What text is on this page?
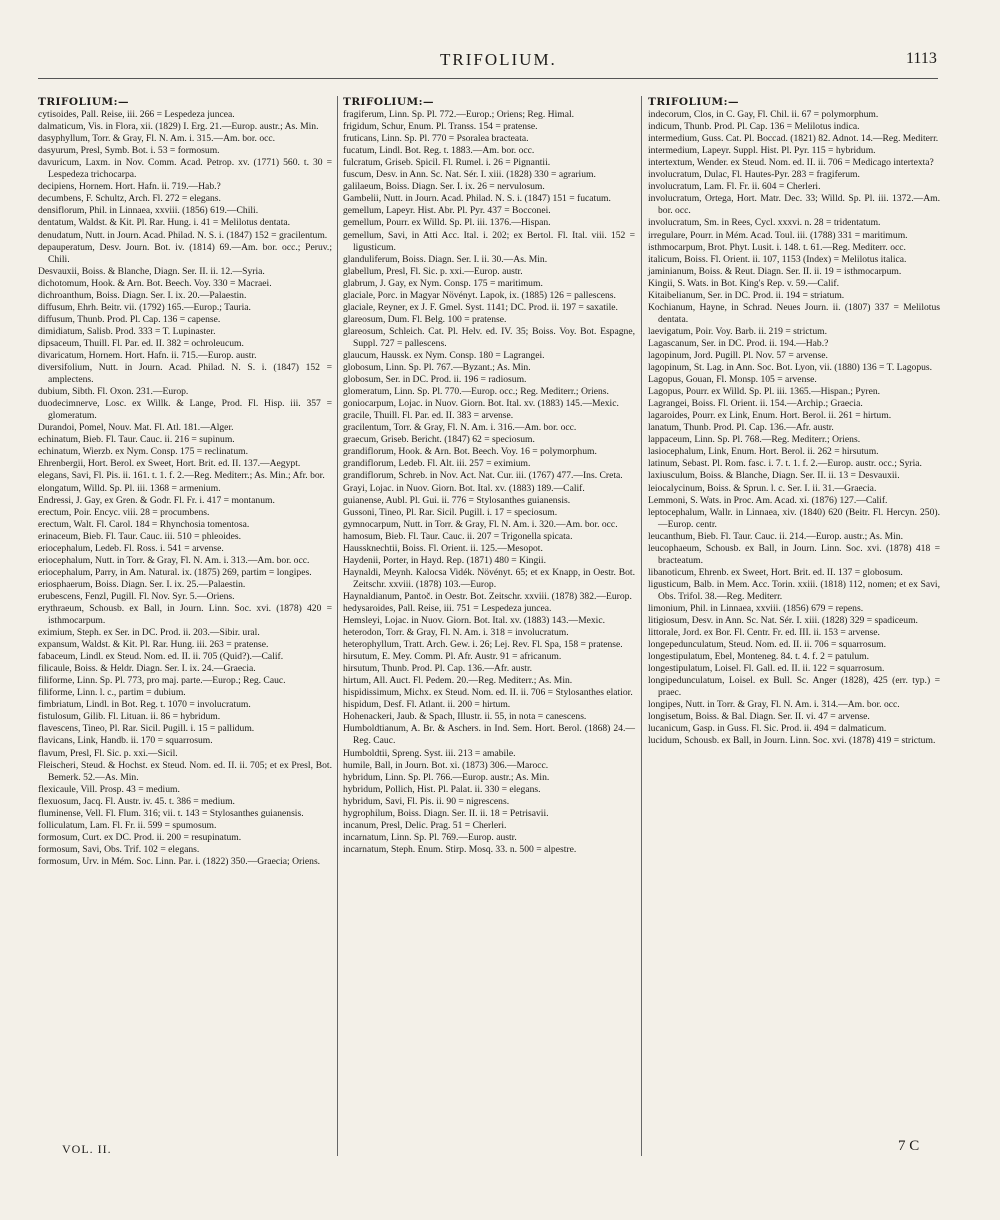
TRIFOLIUM.	1113
TRIFOLIUM:—
cytisoides, Pall. Reise, iii. 266 = Lespedeza juncea.
dalmaticum, Vis. in Flora, xii. (1829) I. Erg. 21.—Europ. austr.; As. Min.
dasyphyllum, Torr. & Gray, Fl. N. Am. i. 315.—Am. bor. occ.
dasyurum, Presl, Symb. Bot. i. 53 = formosum.
davuricum, Laxm. in Nov. Comm. Acad. Petrop. xv. (1771) 560. t. 30 = Lespedeza trichocarpa.
decipiens, Hornem. Hort. Hafn. ii. 719.—Hab.?
decumbens, F. Schultz, Arch. Fl. 272 = elegans.
densiflorum, Phil. in Linnaea, xxviii. (1856) 619.—Chili.
dentatum, Waldst. & Kit. Pl. Rar. Hung. i. 41 = Melilotus dentata.
denudatum, Nutt. in Journ. Acad. Philad. N. S. i. (1847) 152 = gracilentum.
depauperatum, Desv. Journ. Bot. iv. (1814) 69.—Am. bor. occ.; Peruv.; Chili.
Desvauxii, Boiss. & Blanche, Diagn. Ser. II. ii. 12.—Syria.
dichotomum, Hook. & Arn. Bot. Beech. Voy. 330 = Macraei.
dichroanthum, Boiss. Diagn. Ser. I. ix. 20.—Palaestin.
diffusum, Ehrh. Beitr. vii. (1792) 165.—Europ.; Tauria.
diffusum, Thunb. Prod. Pl. Cap. 136 = capense.
dimidiatum, Salisb. Prod. 333 = T. Lupinaster.
dipsaceum, Thuill. Fl. Par. ed. II. 382 = ochroleucum.
divaricatum, Hornem. Hort. Hafn. ii. 715.—Europ. austr.
diversifolium, Nutt. in Journ. Acad. Philad. N. S. i. (1847) 152 = amplectens.
dubium, Sibth. Fl. Oxon. 231.—Europ.
duodecimnerve, Losc. ex Willk. & Lange, Prod. Fl. Hisp. iii. 357 = glomeratum.
Durandoi, Pomel, Nouv. Mat. Fl. Atl. 181.—Alger.
echinatum, Bieb. Fl. Taur. Cauc. ii. 216 = supinum.
echinatum, Wierzb. ex Nym. Consp. 175 = reclinatum.
Ehrenbergii, Hort. Berol. ex Sweet, Hort. Brit. ed. II. 137.—Aegypt.
elegans, Savi, Fl. Pis. ii. 161. t. 1. f. 2.—Reg. Mediterr.; As. Min.; Afr. bor.
elongatum, Willd. Sp. Pl. iii. 1368 = armenium.
Endressi, J. Gay, ex Gren. & Godr. Fl. Fr. i. 417 = montanum.
erectum, Poir. Encyc. viii. 28 = procumbens.
erectum, Walt. Fl. Carol. 184 = Rhynchosia tomentosa.
erinaceum, Bieb. Fl. Taur. Cauc. iii. 510 = phleoides.
eriocephalum, Ledeb. Fl. Ross. i. 541 = arvense.
eriocephalum, Nutt. in Torr. & Gray, Fl. N. Am. i. 313.—Am. bor. occ.
eriocephalum, Parry, in Am. Natural. ix. (1875) 269, partim = longipes.
eriosphaerum, Boiss. Diagn. Ser. I. ix. 25.—Palaestin.
erubescens, Fenzl, Pugill. Fl. Nov. Syr. 5.—Oriens.
erythraeum, Schousb. ex Ball, in Journ. Linn. Soc. xvi. (1878) 420 = isthmocarpum.
eximium, Steph. ex Ser. in DC. Prod. ii. 203.—Sibir. ural.
expansum, Waldst. & Kit. Pl. Rar. Hung. iii. 263 = pratense.
fabaceum, Lindl. ex Steud. Nom. ed. II. ii. 705 (Quid?).—Calif.
filicaule, Boiss. & Heldr. Diagn. Ser. I. ix. 24.—Graecia.
filiforme, Linn. Sp. Pl. 773, pro maj. parte.—Europ.; Reg. Cauc.
filiforme, Linn. l. c., partim = dubium.
fimbriatum, Lindl. in Bot. Reg. t. 1070 = involucratum.
fistulosum, Gilib. Fl. Lituan. ii. 86 = hybridum.
flavescens, Tineo, Pl. Rar. Sicil. Pugill. i. 15 = pallidum.
flavicans, Link, Handb. ii. 170 = squarrosum.
flavum, Presl, Fl. Sic. p. xxi.—Sicil.
Fleischeri, Steud. & Hochst. ex Steud. Nom. ed. II. ii. 705; et ex Presl, Bot. Bemerk. 52.—As. Min.
flexicaule, Vill. Prosp. 43 = medium.
flexuosum, Jacq. Fl. Austr. iv. 45. t. 386 = medium.
fluminense, Vell. Fl. Flum. 316; vii. t. 143 = Stylosanthes guianensis.
folliculatum, Lam. Fl. Fr. ii. 599 = spumosum.
formosum, Curt. ex DC. Prod. ii. 200 = resupinatum.
formosum, Savi, Obs. Trif. 102 = elegans.
formosum, Urv. in Mém. Soc. Linn. Par. i. (1822) 350.—Graecia; Oriens.
TRIFOLIUM:—
fragiferum, Linn. Sp. Pl. 772.—Europ.; Oriens; Reg. Himal.
frigidum, Schur, Enum. Pl. Transs. 154 = pratense.
fruticans, Linn. Sp. Pl. 770 = Psoralea bracteata.
fucatum, Lindl. Bot. Reg. t. 1883.—Am. bor. occ.
fulcratum, Griseb. Spicil. Fl. Rumel. i. 26 = Pignantii.
fuscum, Desv. in Ann. Sc. Nat. Sér. I. xiii. (1828) 330 = agrarium.
galilaeum, Boiss. Diagn. Ser. I. ix. 26 = nervulosum.
Gambelii, Nutt. in Journ. Acad. Philad. N. S. i. (1847) 151 = fucatum.
gemellum, Lapeyr. Hist. Abr. Pl. Pyr. 437 = Bocconei.
gemellum, Pourr. ex Willd. Sp. Pl. iii. 1376.—Hispan.
gemellum, Savi, in Atti Acc. Ital. i. 202; ex Bertol. Fl. Ital. viii. 152 = ligusticum.
glanduliferum, Boiss. Diagn. Ser. I. ii. 30.—As. Min.
glabellum, Presl, Fl. Sic. p. xxi.—Europ. austr.
glabrum, J. Gay, ex Nym. Consp. 175 = maritimum.
glaciale, Porc. in Magyar Növényt. Lapok, ix. (1885) 126 = pallescens.
glaciale, Reyner, ex J. F. Gmel. Syst. 1141; DC. Prod. ii. 197 = saxatile.
glareosum, Dum. Fl. Belg. 100 = pratense.
glareosum, Schleich. Cat. Pl. Helv. ed. IV. 35; Boiss. Voy. Bot. Espagne, Suppl. 727 = pallescens.
glaucum, Haussk. ex Nym. Consp. 180 = Lagrangei.
globosum, Linn. Sp. Pl. 767.—Byzant.; As. Min.
globosum, Ser. in DC. Prod. ii. 196 = radiosum.
glomeratum, Linn. Sp. Pl. 770.—Europ. occ.; Reg. Mediterr.; Oriens.
goniocarpum, Lojac. in Nuov. Giorn. Bot. Ital. xv. (1883) 145.—Mexic.
gracile, Thuill. Fl. Par. ed. II. 383 = arvense.
gracilentum, Torr. & Gray, Fl. N. Am. i. 316.—Am. bor. occ.
graecum, Griseb. Bericht. (1847) 62 = speciosum.
grandiflorum, Hook. & Arn. Bot. Beech. Voy. 16 = polymorphum.
grandiflorum, Ledeb. Fl. Alt. iii. 257 = eximium.
grandiflorum, Schreb. in Nov. Act. Nat. Cur. iii. (1767) 477.—Ins. Creta.
Grayi, Lojac. in Nuov. Giorn. Bot. Ital. xv. (1883) 189.—Calif.
guianense, Aubl. Pl. Gui. ii. 776 = Stylosanthes guianensis.
Gussoni, Tineo, Pl. Rar. Sicil. Pugill. i. 17 = speciosum.
gymnocarpum, Nutt. in Torr. & Gray, Fl. N. Am. i. 320.—Am. bor. occ.
hamosum, Bieb. Fl. Taur. Cauc. ii. 207 = Trigonella spicata.
Haussknechtii, Boiss. Fl. Orient. ii. 125.—Mesopot.
Haydenii, Porter, in Hayd. Rep. (1871) 480 = Kingii.
Haynaldi, Meynh. Kalocsa Vidék. Növényt. 65; et ex Knapp, in Oestr. Bot. Zeitschr. xxviii. (1878) 103.—Europ.
Haynaldianum, Pantoč. in Oestr. Bot. Zeitschr. xxviii. (1878) 382.—Europ.
hedysaroides, Pall. Reise, iii. 751 = Lespedeza juncea.
Hemsleyi, Lojac. in Nuov. Giorn. Bot. Ital. xv. (1883) 143.—Mexic.
heterodon, Torr. & Gray, Fl. N. Am. i. 318 = involucratum.
heterophyllum, Tratt. Arch. Gew. i. 26; Lej. Rev. Fl. Spa, 158 = pratense.
hirsutum, E. Mey. Comm. Pl. Afr. Austr. 91 = africanum.
hirsutum, Thunb. Prod. Pl. Cap. 136.—Afr. austr.
hirtum, All. Auct. Fl. Pedem. 20.—Reg. Mediterr.; As. Min.
hispidissimum, Michx. ex Steud. Nom. ed. II. ii. 706 = Stylosanthes elatior.
hispidum, Desf. Fl. Atlant. ii. 200 = hirtum.
Hohenackeri, Jaub. & Spach, Illustr. ii. 55, in nota = canescens.
Humboldtianum, A. Br. & Aschers. in Ind. Sem. Hort. Berol. (1868) 24.—Reg. Cauc.
Humboldtii, Spreng. Syst. iii. 213 = amabile.
humile, Ball, in Journ. Bot. xi. (1873) 306.—Marocc.
hybridum, Linn. Sp. Pl. 766.—Europ. austr.; As. Min.
hybridum, Pollich, Hist. Pl. Palat. ii. 330 = elegans.
hybridum, Savi, Fl. Pis. ii. 90 = nigrescens.
hygrophilum, Boiss. Diagn. Ser. II. ii. 18 = Petrisavii.
incanum, Presl, Delic. Prag. 51 = Cherleri.
incarnatum, Linn. Sp. Pl. 769.—Europ. austr.
incarnatum, Steph. Enum. Stirp. Mosq. 33. n. 500 = alpestre.
TRIFOLIUM:—
indecorum, Clos, in C. Gay, Fl. Chil. ii. 67 = polymorphum.
indicum, Thunb. Prod. Pl. Cap. 136 = Melilotus indica.
intermedium, Guss. Cat. Pl. Boccad. (1821) 82. Adnot. 14.—Reg. Mediterr.
intermedium, Lapeyr. Suppl. Hist. Pl. Pyr. 115 = hybridum.
intertextum, Wender. ex Steud. Nom. ed. II. ii. 706 = Medicago intertexta?
involucratum, Dulac, Fl. Hautes-Pyr. 283 = fragiferum.
involucratum, Lam. Fl. Fr. ii. 604 = Cherleri.
involucratum, Ortega, Hort. Matr. Dec. 33; Willd. Sp. Pl. iii. 1372.—Am. bor. occ.
involucratum, Sm. in Rees, Cycl. xxxvi. n. 28 = tridentatum.
irregulare, Pourr. in Mém. Acad. Toul. iii. (1788) 331 = maritimum.
isthmocarpum, Brot. Phyt. Lusit. i. 148. t. 61.—Reg. Mediterr. occ.
italicum, Boiss. Fl. Orient. ii. 107, 1153 (Index) = Melilotus italica.
jaminianum, Boiss. & Reut. Diagn. Ser. II. ii. 19 = isthmocarpum.
Kingii, S. Wats. in Bot. King's Rep. v. 59.—Calif.
Kitaibelianum, Ser. in DC. Prod. ii. 194 = striatum.
Kochianum, Hayne, in Schrad. Neues Journ. ii. (1807) 337 = Melilotus dentata.
laevigatum, Poir. Voy. Barb. ii. 219 = strictum.
Lagascanum, Ser. in DC. Prod. ii. 194.—Hab.?
lagopinum, Jord. Pugill. Pl. Nov. 57 = arvense.
lagopinum, St. Lag. in Ann. Soc. Bot. Lyon, vii. (1880) 136 = T. Lagopus.
Lagopus, Gouan, Fl. Monsp. 105 = arvense.
Lagopus, Pourr. ex Willd. Sp. Pl. iii. 1365.—Hispan.; Pyren.
Lagrangei, Boiss. Fl. Orient. ii. 154.—Archip.; Graecia.
lagaroides, Pourr. ex Link, Enum. Hort. Berol. ii. 261 = hirtum.
lanatum, Thunb. Prod. Pl. Cap. 136.—Afr. austr.
lappaceum, Linn. Sp. Pl. 768.—Reg. Mediterr.; Oriens.
lasiocephalum, Link, Enum. Hort. Berol. ii. 262 = hirsutum.
latinum, Sebast. Pl. Rom. fasc. i. 7. t. 1. f. 2.—Europ. austr. occ.; Syria.
laxiusculum, Boiss. & Blanche, Diagn. Ser. II. ii. 13 = Desvauxii.
leiocalycinum, Boiss. & Sprun. l. c. Ser. I. ii. 31.—Graecia.
Lemmoni, S. Wats. in Proc. Am. Acad. xi. (1876) 127.—Calif.
leptocephalum, Wallr. in Linnaea, xiv. (1840) 620 (Beitr. Fl. Hercyn. 250).—Europ. centr.
leucanthum, Bieb. Fl. Taur. Cauc. ii. 214.—Europ. austr.; As. Min.
leucophaeum, Schousb. ex Ball, in Journ. Linn. Soc. xvi. (1878) 418 = bracteatum.
libanoticum, Ehrenb. ex Sweet, Hort. Brit. ed. II. 137 = globosum.
ligusticum, Balb. in Mem. Acc. Torin. xxiii. (1818) 112, nomen; et ex Savi, Obs. Trifol. 38.—Reg. Mediterr.
limonium, Phil. in Linnaea, xxviii. (1856) 679 = repens.
litigiosum, Desv. in Ann. Sc. Nat. Sér. I. xiii. (1828) 329 = spadiceum.
littorale, Jord. ex Bor. Fl. Centr. Fr. ed. III. ii. 153 = arvense.
longepedunculatum, Steud. Nom. ed. II. ii. 706 = squarrosum.
longestipulatum, Ebel, Monteneg. 84. t. 4. f. 2 = patulum.
longestipulatum, Loisel. Fl. Gall. ed. II. ii. 122 = squarrosum.
longipedunculatum, Loisel. ex Bull. Sc. Anger (1828), 425 (err. typ.) = praec.
longipes, Nutt. in Torr. & Gray, Fl. N. Am. i. 314.—Am. bor. occ.
longisetum, Boiss. & Bal. Diagn. Ser. II. vi. 47 = arvense.
lucanicum, Gasp. in Guss. Fl. Sic. Prod. ii. 494 = dalmaticum.
lucidum, Schousb. ex Ball, in Journ. Linn. Soc. xvi. (1878) 419 = strictum.
VOL. II.	7 C
